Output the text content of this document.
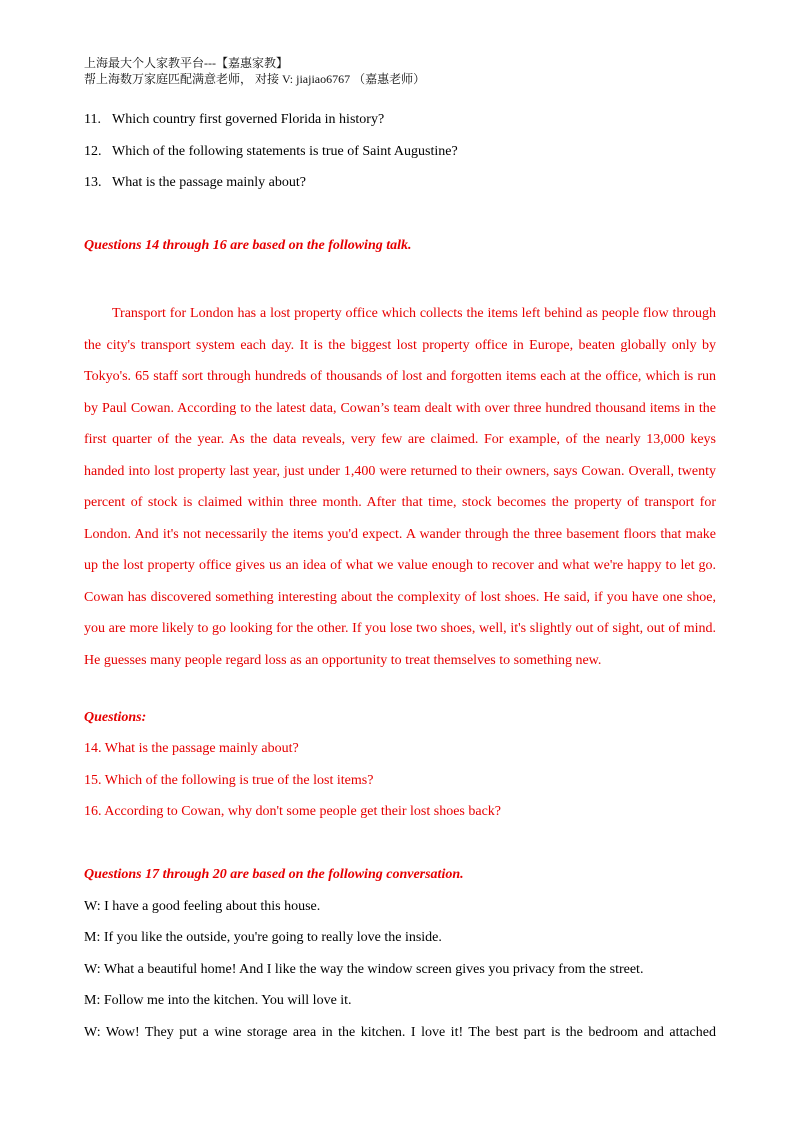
上海最大个人家教平台---【嘉惠家教】
帮上海数万家庭匹配满意老师， 对接 V: jiajiao6767 （嘉惠老师）
11. Which country first governed Florida in history?
12. Which of the following statements is true of Saint Augustine?
13. What is the passage mainly about?
Questions 14 through 16 are based on the following talk.
Transport for London has a lost property office which collects the items left behind as people flow through the city's transport system each day. It is the biggest lost property office in Europe, beaten globally only by Tokyo's. 65 staff sort through hundreds of thousands of lost and forgotten items each at the office, which is run by Paul Cowan. According to the latest data, Cowan’s team dealt with over three hundred thousand items in the first quarter of the year. As the data reveals, very few are claimed. For example, of the nearly 13,000 keys handed into lost property last year, just under 1,400 were returned to their owners, says Cowan. Overall, twenty percent of stock is claimed within three month. After that time, stock becomes the property of transport for London. And it's not necessarily the items you'd expect. A wander through the three basement floors that make up the lost property office gives us an idea of what we value enough to recover and what we're happy to let go. Cowan has discovered something interesting about the complexity of lost shoes. He said, if you have one shoe, you are more likely to go looking for the other. If you lose two shoes, well, it's slightly out of sight, out of mind. He guesses many people regard loss as an opportunity to treat themselves to something new.
Questions:
14. What is the passage mainly about?
15. Which of the following is true of the lost items?
16. According to Cowan, why don't some people get their lost shoes back?
Questions 17 through 20 are based on the following conversation.
W: I have a good feeling about this house.
M: If you like the outside, you're going to really love the inside.
W: What a beautiful home! And I like the way the window screen gives you privacy from the street.
M: Follow me into the kitchen. You will love it.
W: Wow! They put a wine storage area in the kitchen. I love it! The best part is the bedroom and attached
